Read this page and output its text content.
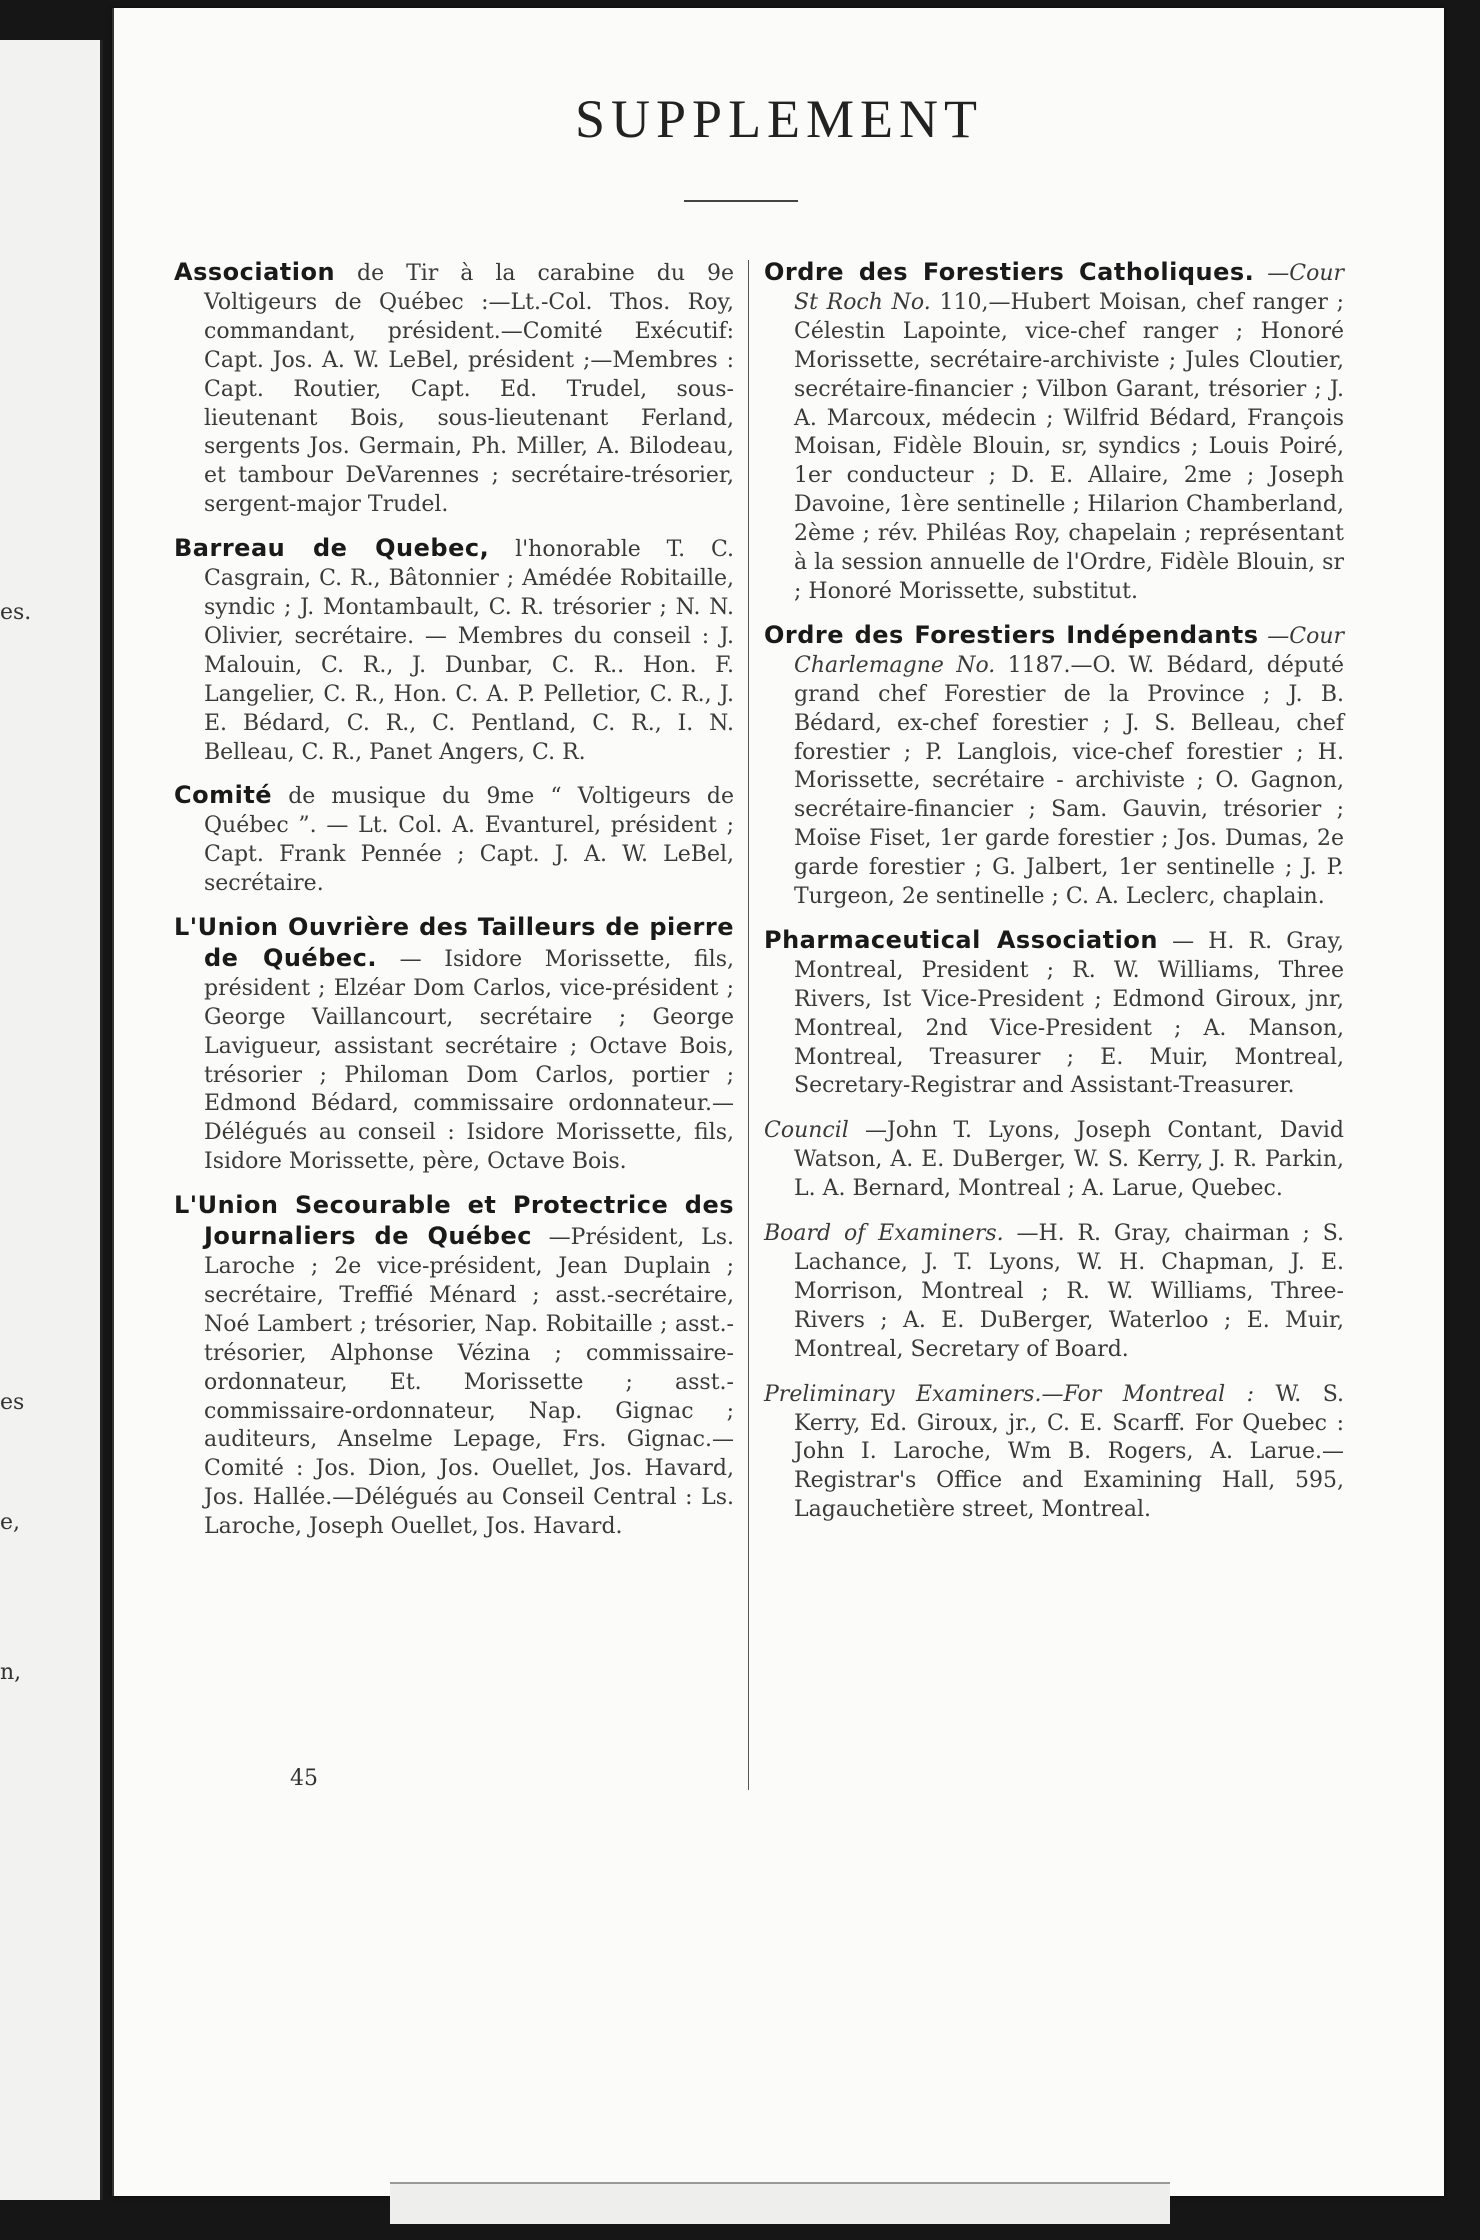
es.
es
e,
n,
SUPPLEMENT

Association de Tir à la carabine du 9e Voltigeurs de Québec :—Lt.-Col. Thos. Roy, commandant, président.—Comité Exécutif: Capt. Jos. A. W. LeBel, président ;—Membres : Capt. Routier, Capt. Ed. Trudel, sous-lieutenant Bois, sous-lieutenant Ferland, sergents Jos. Germain, Ph. Miller, A. Bilodeau, et tambour DeVarennes ; secrétaire-trésorier, sergent-major Trudel.

Barreau de Quebec, l'honorable T. C. Casgrain, C. R., Bâtonnier ; Amédée Robitaille, syndic ; J. Montambault, C. R. trésorier ; N. N. Olivier, secrétaire. — Membres du conseil : J. Malouin, C. R., J. Dunbar, C. R.. Hon. F. Langelier, C. R., Hon. C. A. P. Pelletior, C. R., J. E. Bédard, C. R., C. Pentland, C. R., I. N. Belleau, C. R., Panet Angers, C. R.

Comité de musique du 9me “ Voltigeurs de Québec ”. — Lt. Col. A. Evanturel, président ; Capt. Frank Pennée ; Capt. J. A. W. LeBel, secrétaire.

L'Union Ouvrière des Tailleurs de pierre de Québec. — Isidore Morissette, fils, président ; Elzéar Dom Carlos, vice-président ; George Vaillancourt, secrétaire ; George Lavigueur, assistant secrétaire ; Octave Bois, trésorier ; Philoman Dom Carlos, portier ; Edmond Bédard, commissaire ordonnateur.— Délégués au conseil : Isidore Morissette, fils, Isidore Morissette, père, Octave Bois.

L'Union Secourable et Protectrice des Journaliers de Québec —Président, Ls. Laroche ; 2e vice-président, Jean Duplain ; secrétaire, Treffié Ménard ; asst.-secrétaire, Noé Lambert ; trésorier, Nap. Robitaille ; asst.-trésorier, Alphonse Vézina ; commissaire-ordonnateur, Et. Morissette ; asst.-commissaire-ordonnateur, Nap. Gignac ; auditeurs, Anselme Lepage, Frs. Gignac.—Comité : Jos. Dion, Jos. Ouellet, Jos. Havard, Jos. Hallée.—Délégués au Conseil Central : Ls. Laroche, Joseph Ouellet, Jos. Havard.

Ordre des Forestiers Catholiques. —Cour St Roch No. 110,—Hubert Moisan, chef ranger ; Célestin Lapointe, vice-chef ranger ; Honoré Morissette, secrétaire-archiviste ; Jules Cloutier, secrétaire-financier ; Vilbon Garant, trésorier ; J. A. Marcoux, médecin ; Wilfrid Bédard, François Moisan, Fidèle Blouin, sr, syndics ; Louis Poiré, 1er conducteur ; D. E. Allaire, 2me ; Joseph Davoine, 1ère sentinelle ; Hilarion Chamberland, 2ème ; rév. Philéas Roy, chapelain ; représentant à la session annuelle de l'Ordre, Fidèle Blouin, sr ; Honoré Morissette, substitut.

Ordre des Forestiers Indépendants —Cour Charlemagne No. 1187.—O. W. Bédard, député grand chef Forestier de la Province ; J. B. Bédard, ex-chef forestier ; J. S. Belleau, chef forestier ; P. Langlois, vice-chef forestier ; H. Morissette, secrétaire - archiviste ; O. Gagnon, secrétaire-financier ; Sam. Gauvin, trésorier ; Moïse Fiset, 1er garde forestier ; Jos. Dumas, 2e garde forestier ; G. Jalbert, 1er sentinelle ; J. P. Turgeon, 2e sentinelle ; C. A. Leclerc, chaplain.

Pharmaceutical Association — H. R. Gray, Montreal, President ; R. W. Williams, Three Rivers, Ist Vice-President ; Edmond Giroux, jnr, Montreal, 2nd Vice-President ; A. Manson, Montreal, Treasurer ; E. Muir, Montreal, Secretary-Registrar and Assistant-Treasurer.

Council —John T. Lyons, Joseph Contant, David Watson, A. E. DuBerger, W. S. Kerry, J. R. Parkin, L. A. Bernard, Montreal ; A. Larue, Quebec.

Board of Examiners. —H. R. Gray, chairman ; S. Lachance, J. T. Lyons, W. H. Chapman, J. E. Morrison, Montreal ; R. W. Williams, Three-Rivers ; A. E. DuBerger, Waterloo ; E. Muir, Montreal, Secretary of Board.

Preliminary Examiners.—For Montreal : W. S. Kerry, Ed. Giroux, jr., C. E. Scarff. For Quebec : John I. Laroche, Wm B. Rogers, A. Larue.—Registrar's Office and Examining Hall, 595, Lagauchetière street, Montreal.

45
